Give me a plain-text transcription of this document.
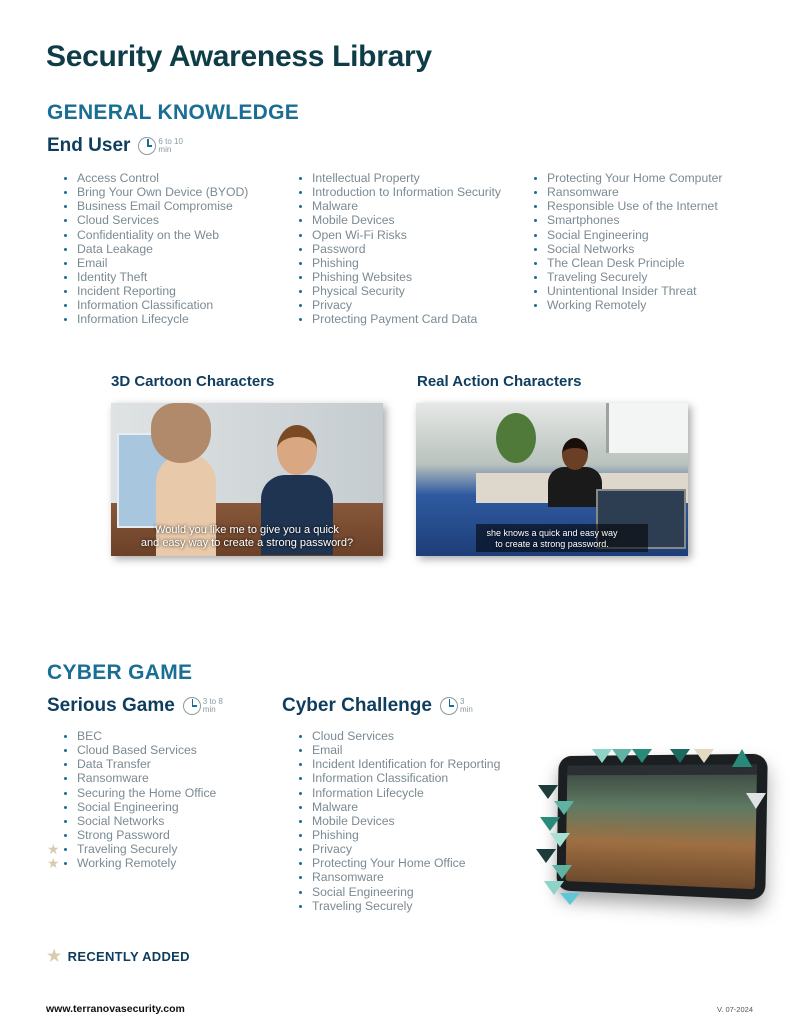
Security Awareness Library
GENERAL KNOWLEDGE
End User	6 to 10
min
Access Control
Bring Your Own Device (BYOD)
Business Email Compromise
Cloud Services
Confidentiality on the Web
Data Leakage
Email
Identity Theft
Incident Reporting
Information Classification
Information Lifecycle
Intellectual Property
Introduction to Information Security
Malware
Mobile Devices
Open Wi-Fi Risks
Password
Phishing
Phishing Websites
Physical Security
Privacy
Protecting Payment Card Data
Protecting Your Home Computer
Ransomware
Responsible Use of the Internet
Smartphones
Social Engineering
Social Networks
The Clean Desk Principle
Traveling Securely
Unintentional Insider Threat
Working Remotely
3D Cartoon Characters	Real Action Characters
Would you like me to give you a quick
and easy way to create a strong password?
she knows a quick and easy way
to create a strong password.
CYBER GAME
Serious Game	3 to 8
min	Cyber Challenge	3
min
BEC
Cloud Based Services
Data Transfer
Ransomware
Securing the Home Office
Social Engineering
Social Networks
Strong Password
★ Traveling Securely
★ Working Remotely
Cloud Services
Email
Incident Identification for Reporting
Information Classification
Information Lifecycle
Malware
Mobile Devices
Phishing
Privacy
Protecting Your Home Office
Ransomware
Social Engineering
Traveling Securely
★ RECENTLY ADDED
www.terranovasecurity.com	V. 07-2024
